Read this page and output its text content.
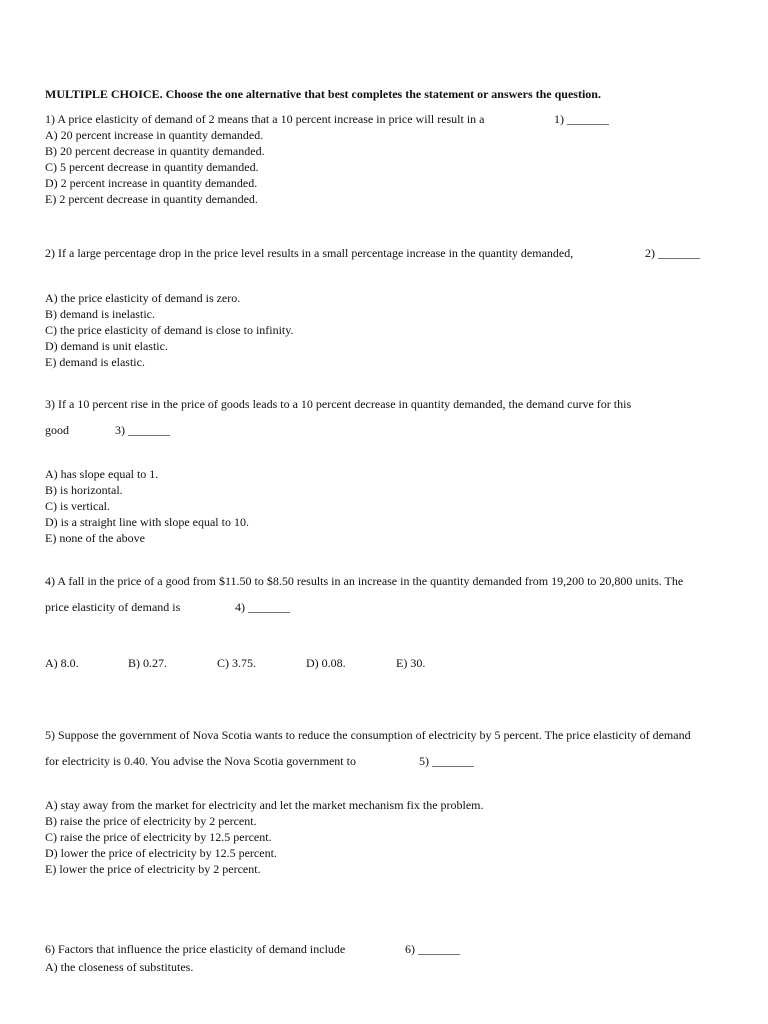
MULTIPLE CHOICE. Choose the one alternative that best completes the statement or answers the question.
1) A price elasticity of demand of 2 means that a 10 percent increase in price will result in a	1) _______
A) 20 percent increase in quantity demanded.
B) 20 percent decrease in quantity demanded.
C) 5 percent decrease in quantity demanded.
D) 2 percent increase in quantity demanded.
E) 2 percent decrease in quantity demanded.
2) If a large percentage drop in the price level results in a small percentage increase in the quantity demanded,	2) _______
A) the price elasticity of demand is zero.
B) demand is inelastic.
C) the price elasticity of demand is close to infinity.
D) demand is unit elastic.
E) demand is elastic.
3) If a 10 percent rise in the price of goods leads to a 10 percent decrease in quantity demanded, the demand curve for this
good	3) _______
A) has slope equal to 1.
B) is horizontal.
C) is vertical.
D) is a straight line with slope equal to 10.
E) none of the above
4) A fall in the price of a good from $11.50 to $8.50 results in an increase in the quantity demanded from 19,200 to 20,800 units. The
price elasticity of demand is	4) _______
A) 8.0.	B) 0.27.	C) 3.75.	D) 0.08.	E) 30.
5) Suppose the government of Nova Scotia wants to reduce the consumption of electricity by 5 percent. The price elasticity of demand
for electricity is 0.40. You advise the Nova Scotia government to	5) _______
A) stay away from the market for electricity and let the market mechanism fix the problem.
B) raise the price of electricity by 2 percent.
C) raise the price of electricity by 12.5 percent.
D) lower the price of electricity by 12.5 percent.
E) lower the price of electricity by 2 percent.
6) Factors that influence the price elasticity of demand include	6) _______
A) the closeness of substitutes.
